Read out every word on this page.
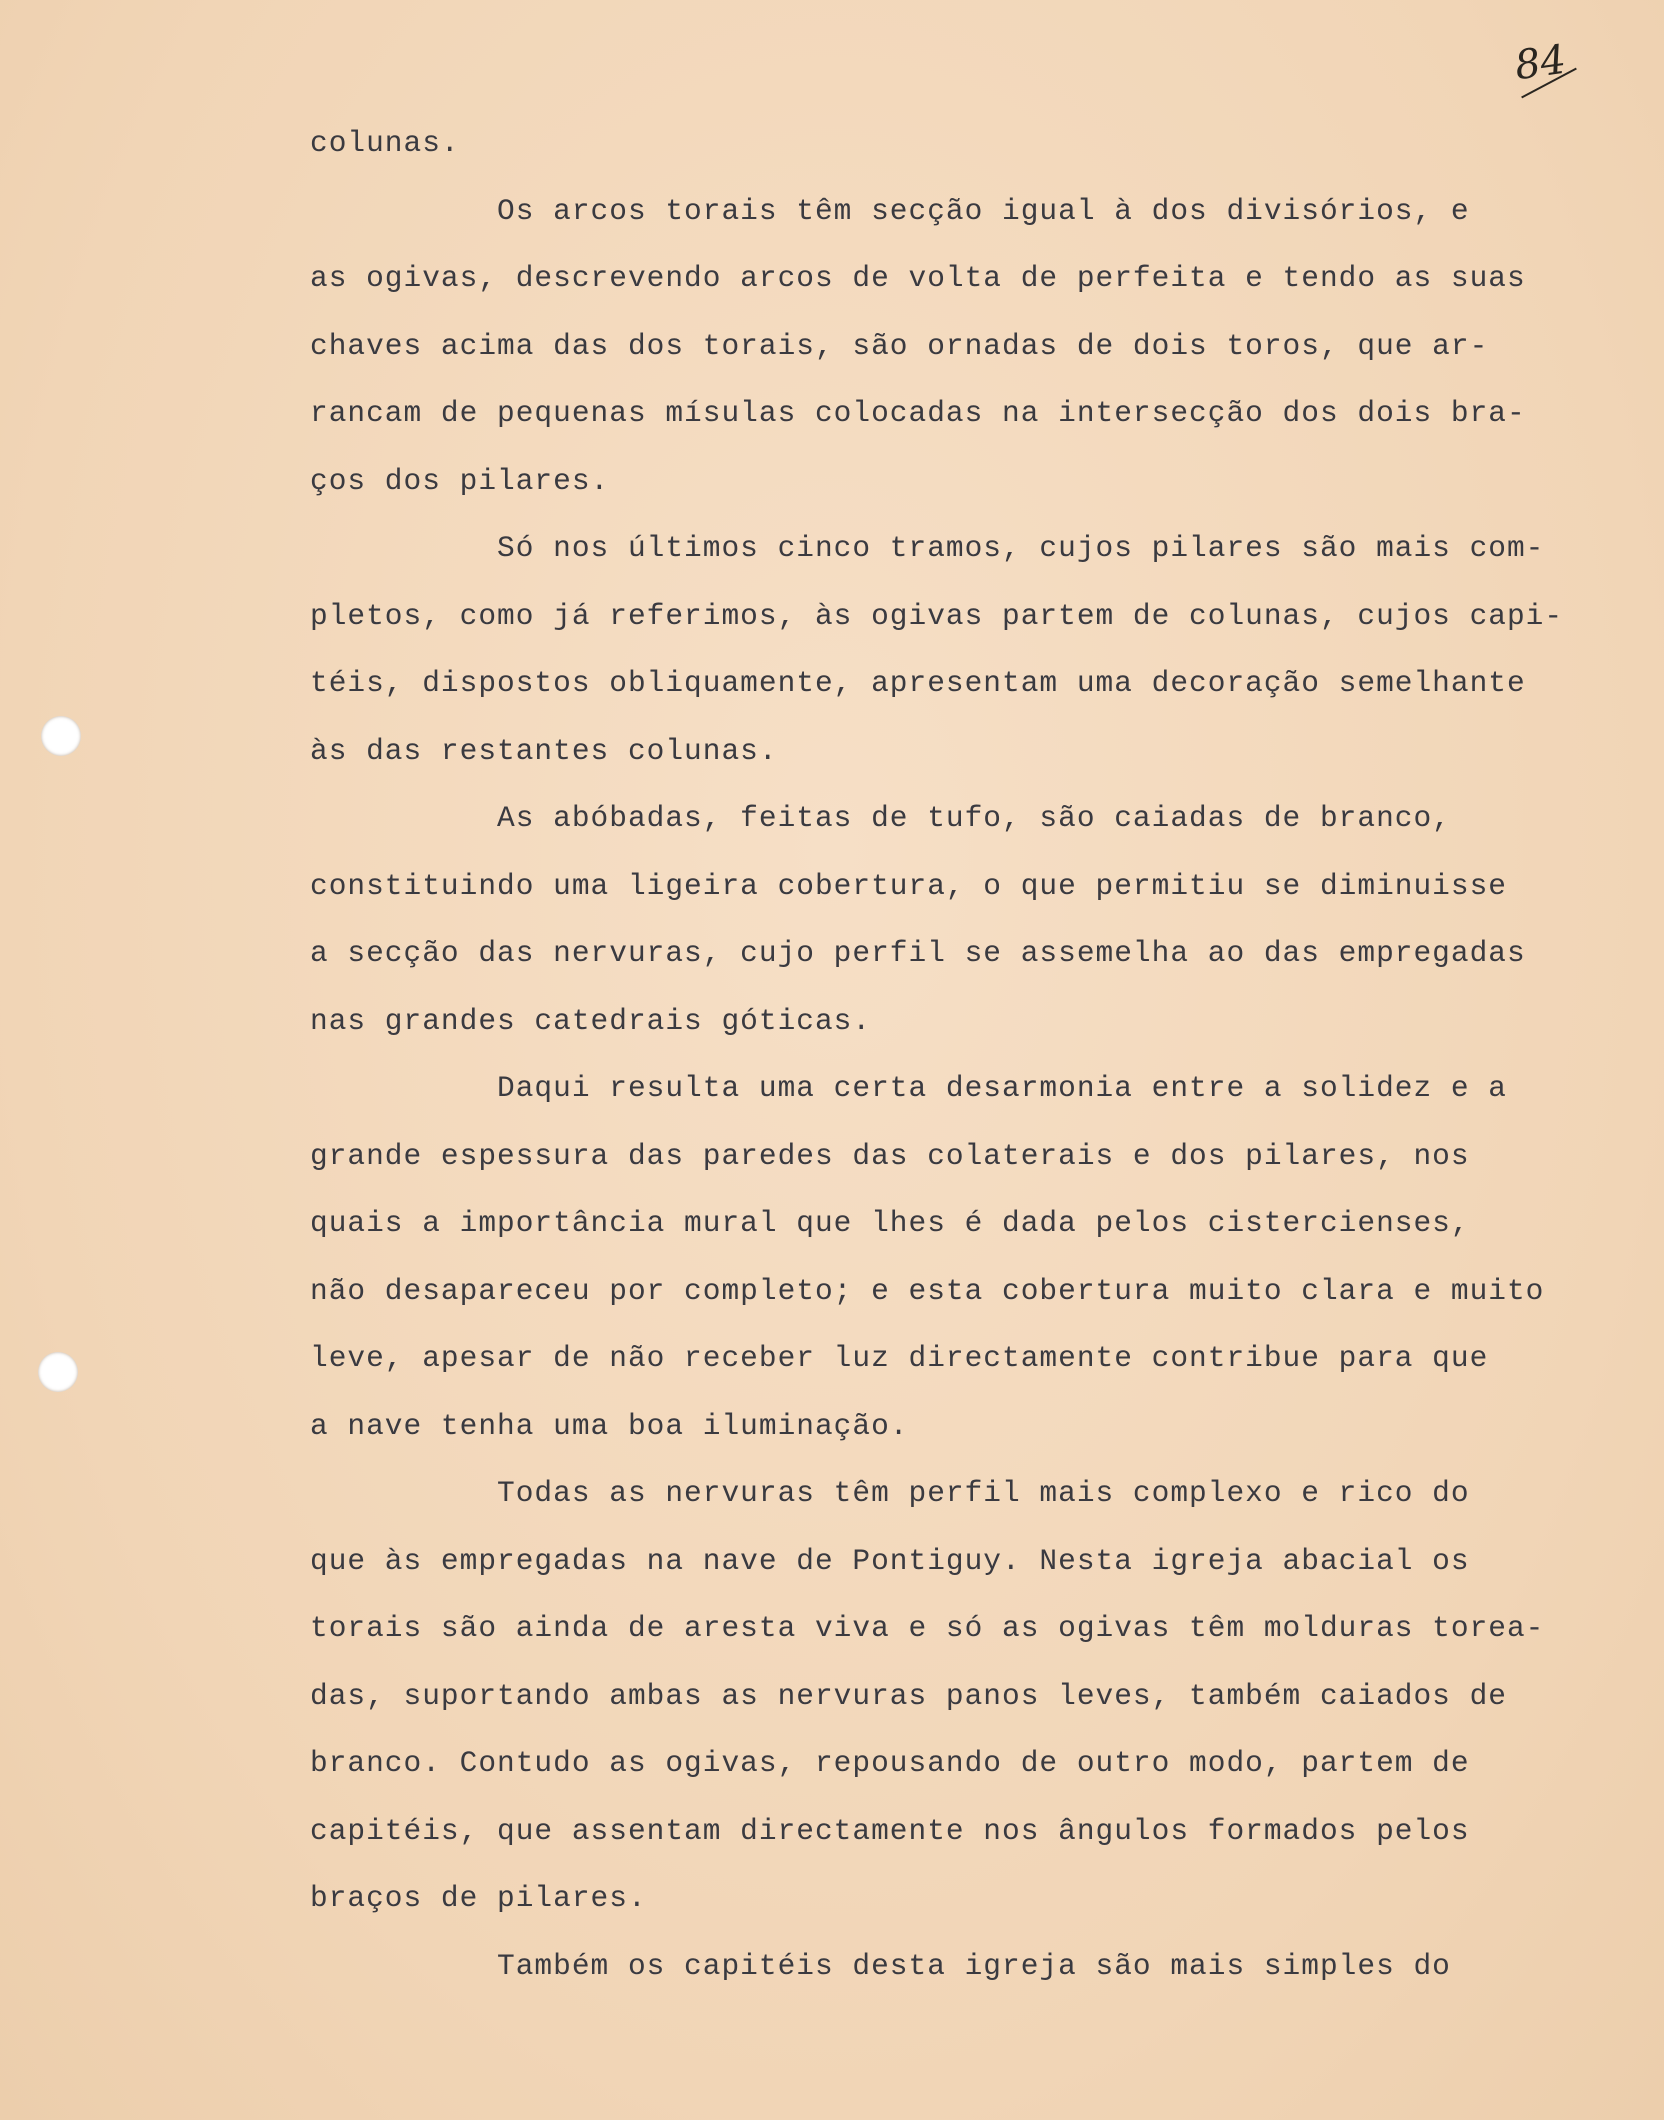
84
colunas.
Os arcos torais têm secção igual à dos divisórios, e
as ogivas, descrevendo arcos de volta de perfeita e tendo as suas
chaves acima das dos torais, são ornadas de dois toros, que ar-
rancam de pequenas mísulas colocadas na intersecção dos dois bra-
ços dos pilares.
Só nos últimos cinco tramos, cujos pilares são mais com-
pletos, como já referimos, às ogivas partem de colunas, cujos capi-
téis, dispostos obliquamente, apresentam uma decoração semelhante
às das restantes colunas.
As abóbadas, feitas de tufo, são caiadas de branco,
constituindo uma ligeira cobertura, o que permitiu se diminuisse
a secção das nervuras, cujo perfil se assemelha ao das empregadas
nas grandes catedrais góticas.
Daqui resulta uma certa desarmonia entre a solidez e a
grande espessura das paredes das colaterais e dos pilares, nos
quais a importância mural que lhes é dada pelos cistercienses,
não desapareceu por completo; e esta cobertura muito clara e muito
leve, apesar de não receber luz directamente contribue para que
a nave tenha uma boa iluminação.
Todas as nervuras têm perfil mais complexo e rico do
que às empregadas na nave de Pontiguy. Nesta igreja abacial os
torais são ainda de aresta viva e só as ogivas têm molduras torea-
das, suportando ambas as nervuras panos leves, também caiados de
branco. Contudo as ogivas, repousando de outro modo, partem de
capitéis, que assentam directamente nos ângulos formados pelos
braços de pilares.
Também os capitéis desta igreja são mais simples do
